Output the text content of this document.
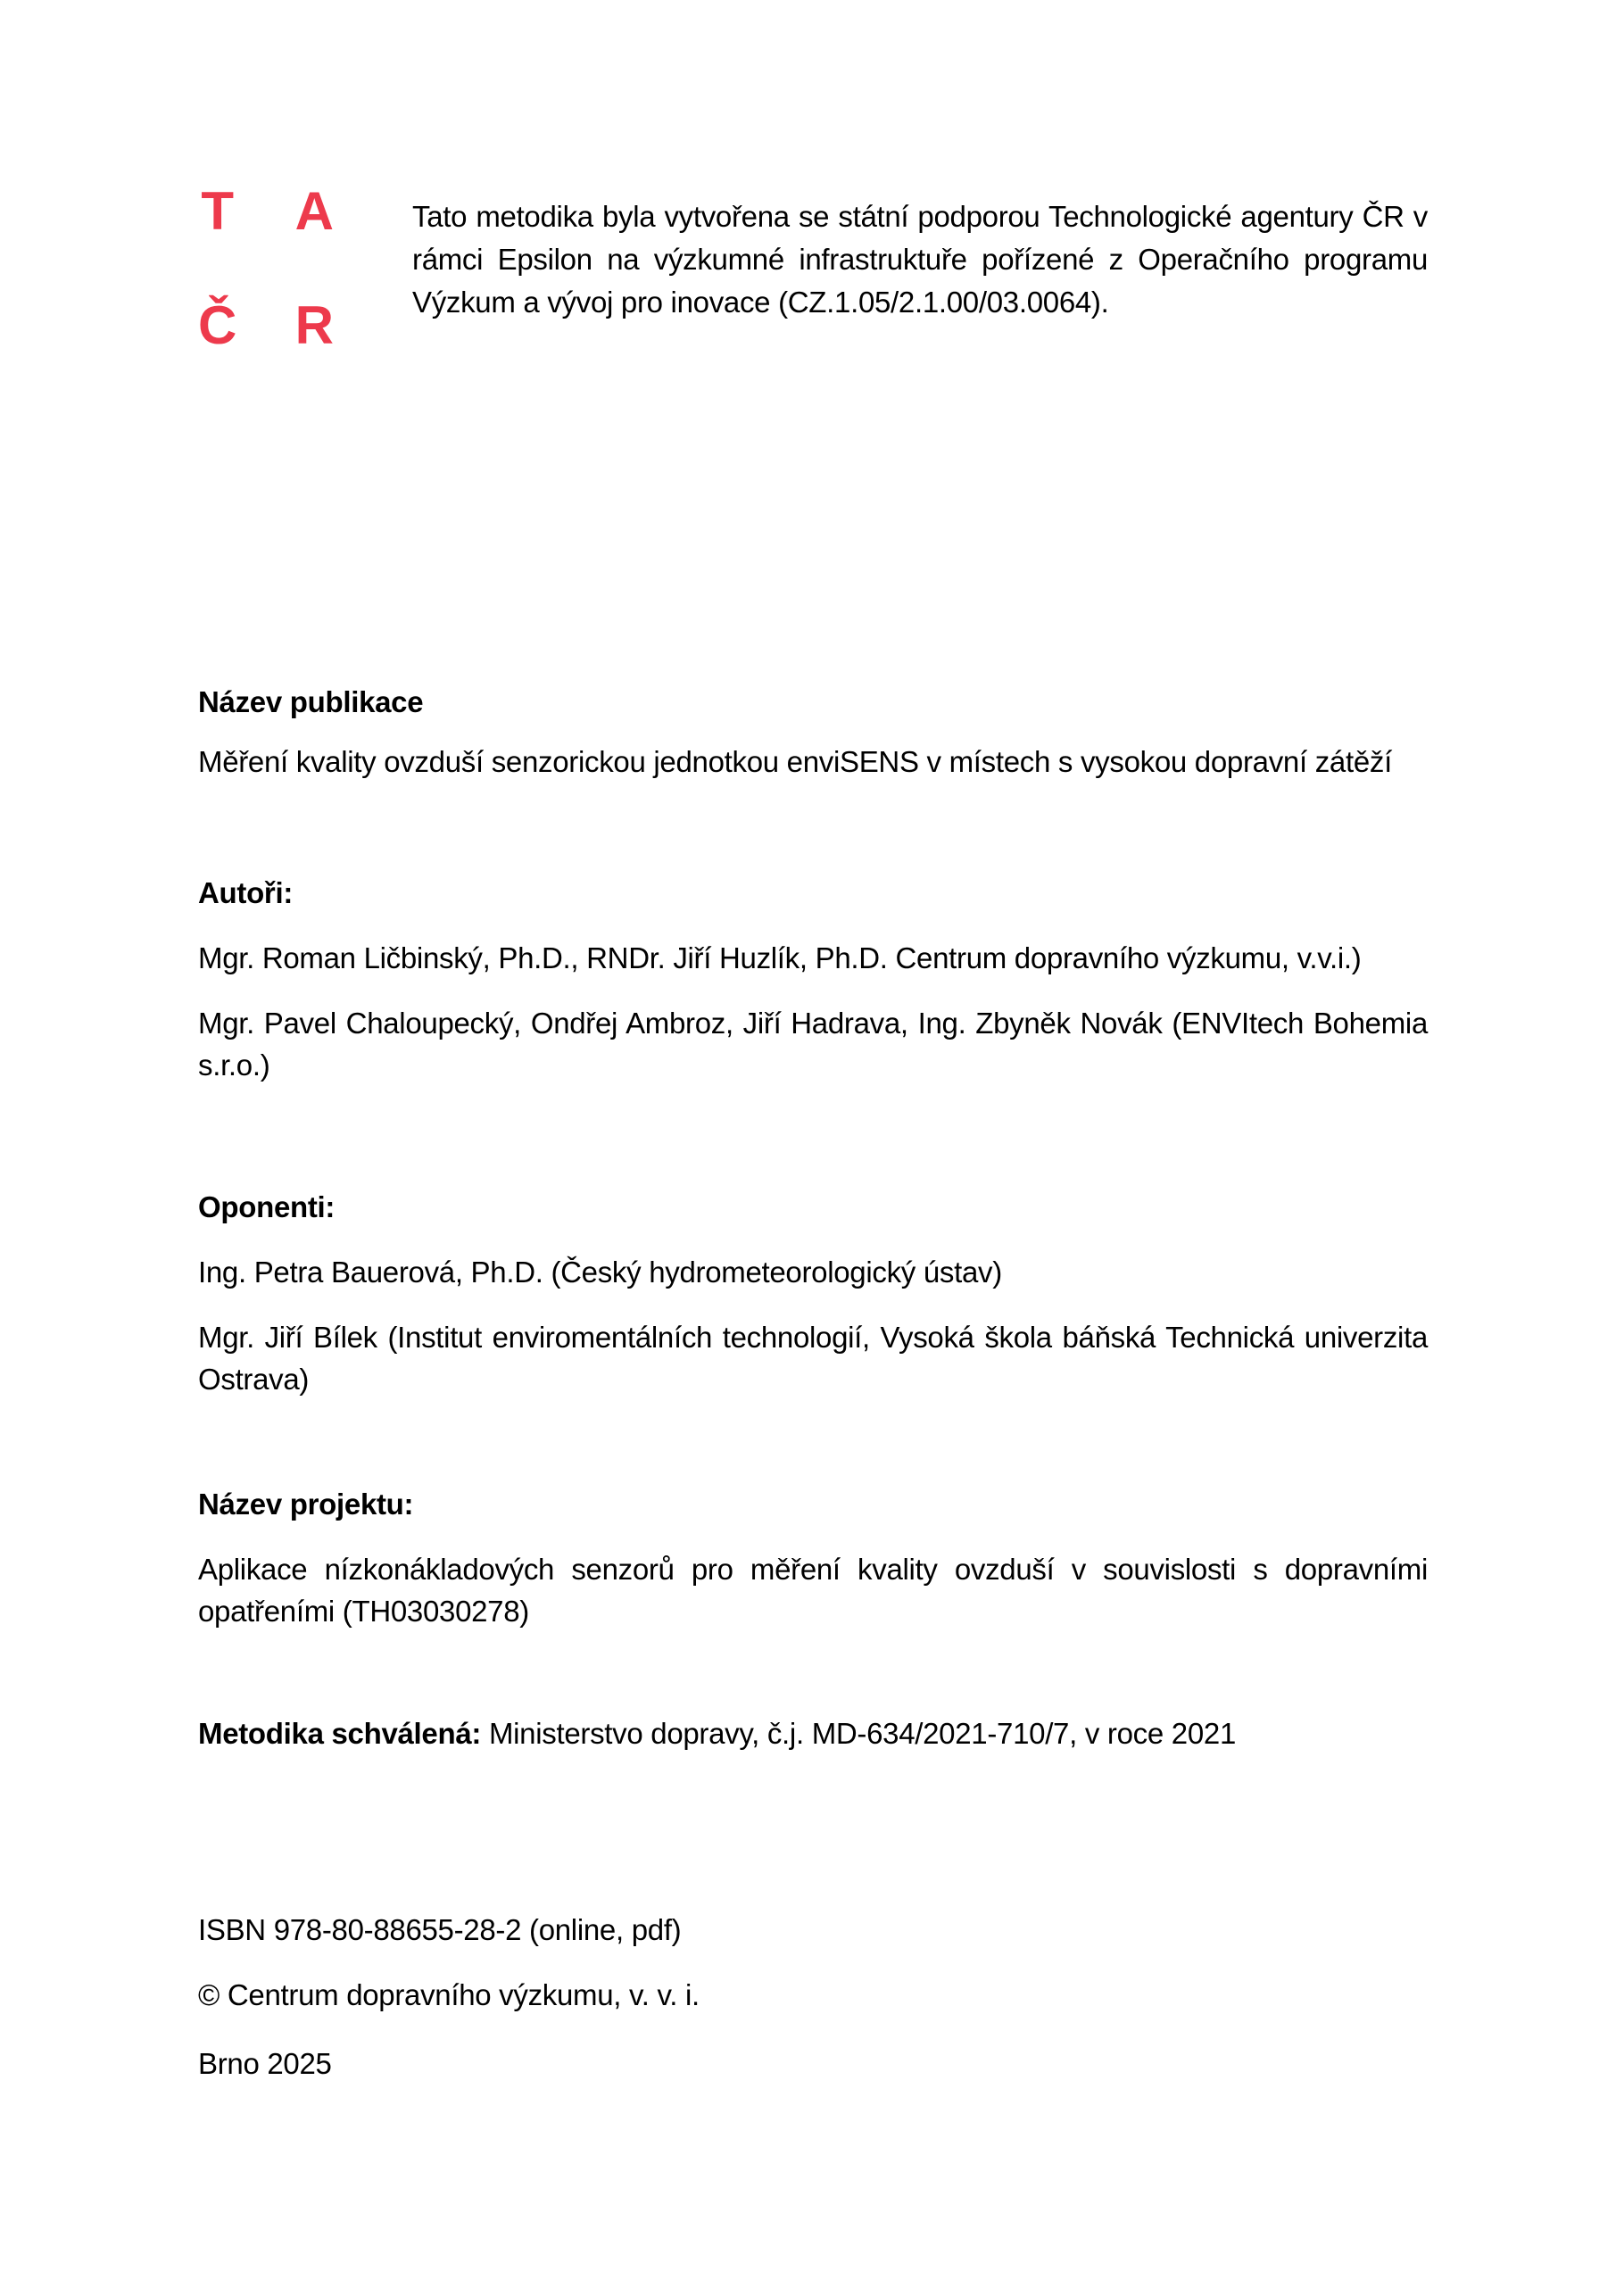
T
Č
A
R

Tato metodika byla vytvořena se státní podporou Technologické agentury ČR v rámci Epsilon na výzkumné infrastruktuře pořízené z Operačního programu Výzkum a vývoj pro inovace (CZ.1.05/2.1.00/03.0064).

Název publikace

Měření kvality ovzduší senzorickou jednotkou enviSENS v místech s vysokou dopravní zátěží

Autoři:

Mgr. Roman Ličbinský, Ph.D., RNDr. Jiří Huzlík, Ph.D. Centrum dopravního výzkumu, v.v.i.)

Mgr. Pavel Chaloupecký, Ondřej Ambroz, Jiří Hadrava, Ing. Zbyněk Novák (ENVItech Bohemia s.r.o.)

Oponenti:

Ing. Petra Bauerová, Ph.D. (Český hydrometeorologický ústav)

Mgr. Jiří Bílek (Institut enviromentálních technologií, Vysoká škola báňská Technická univerzita Ostrava)

Název projektu:

Aplikace nízkonákladových senzorů pro měření kvality ovzduší v souvislosti s dopravními opatřeními (TH03030278)

Metodika schválená: Ministerstvo dopravy, č.j. MD-634/2021-710/7, v roce 2021

ISBN 978-80-88655-28-2 (online, pdf)

© Centrum dopravního výzkumu, v. v. i.

Brno 2025
